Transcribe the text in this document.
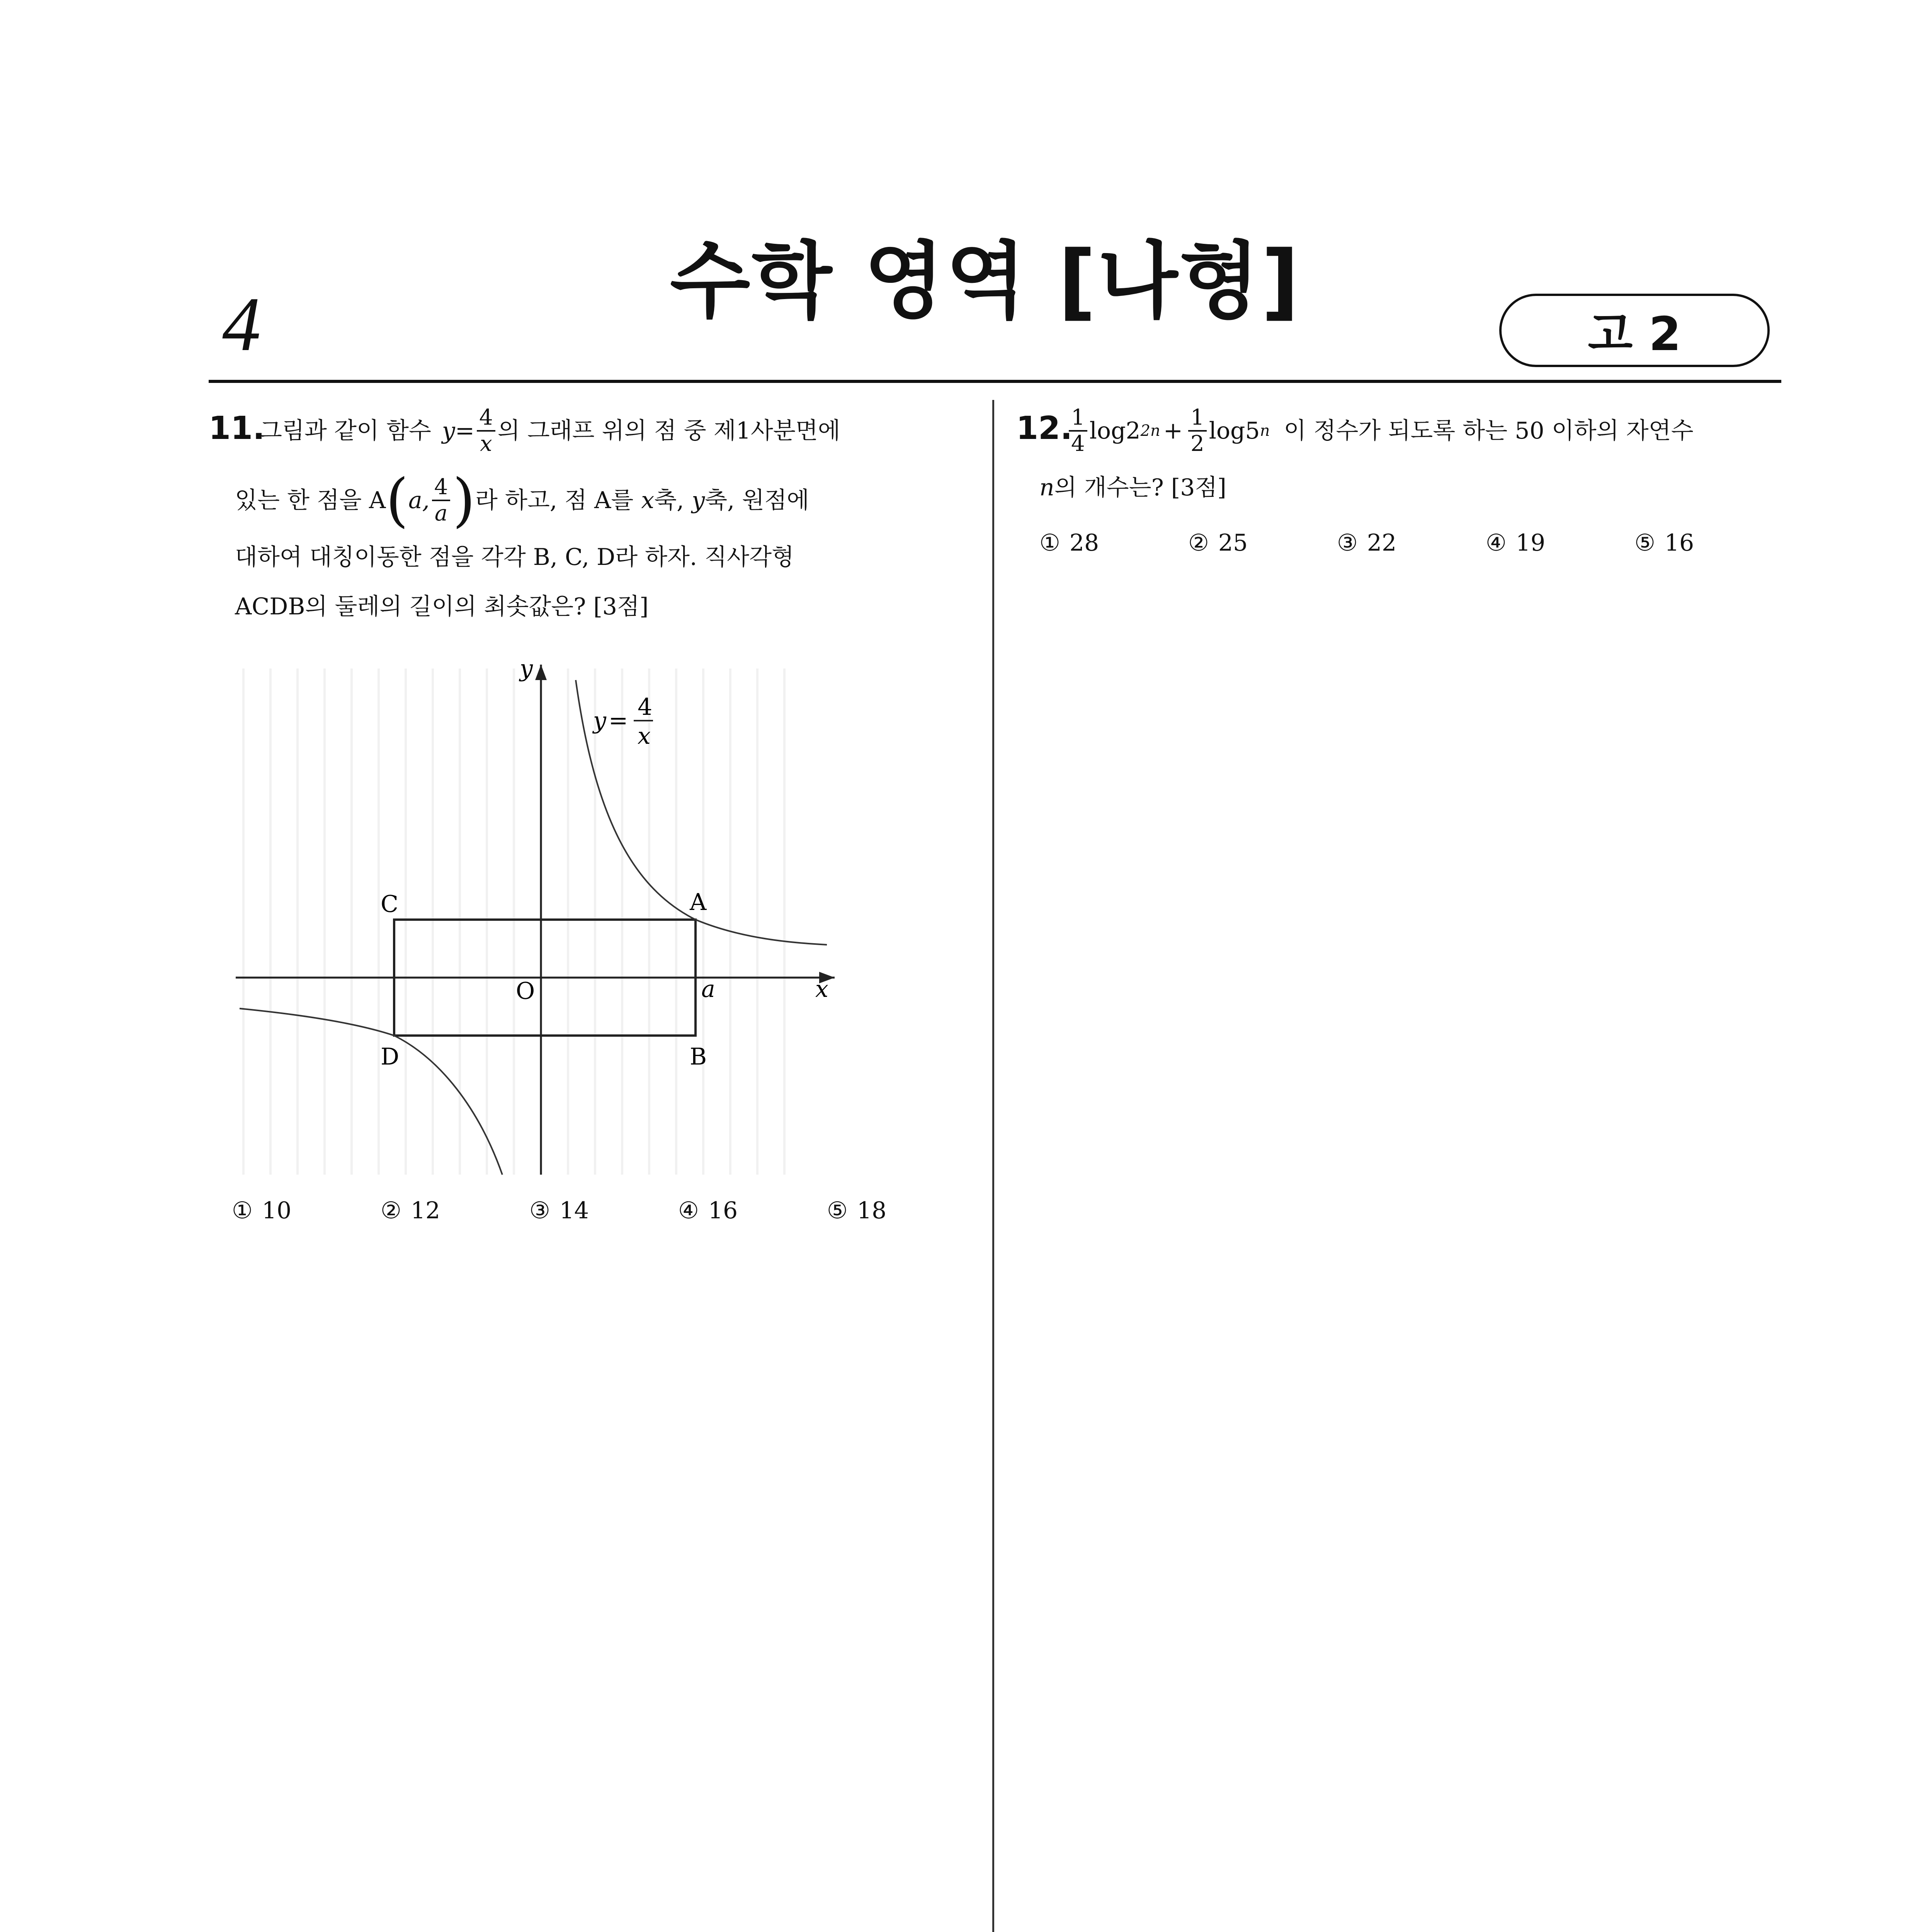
4	수학 영역 [나형]
고 2
11.
그림과 같이 함수 $y = \frac{4}{x}$ 의 그래프 위의 점 중 제1사분면에
있는 한 점을 A ( a, $\frac{4}{a}$ ) 라 하고, 점 A를 x 축, y 축, 원점에
대하여 대칭이동한 점을 각각 B, C, D라 하자. 직사각형
ACDB의 둘레의 길이의 최솟값은? [3점]
y
x
O	a
A
B
C
D
y = 4
x
① 10	② 12	③ 14	④ 16	⑤ 18
12.
$\frac{1}{4} \log 2$ $2n + \frac{1}{2} \log 5$ n 이 정수가 되도록 하는 50 이하의 자연수
n의 개수는? [3점]
① 28	② 25	③ 22	④ 19	⑤ 16
